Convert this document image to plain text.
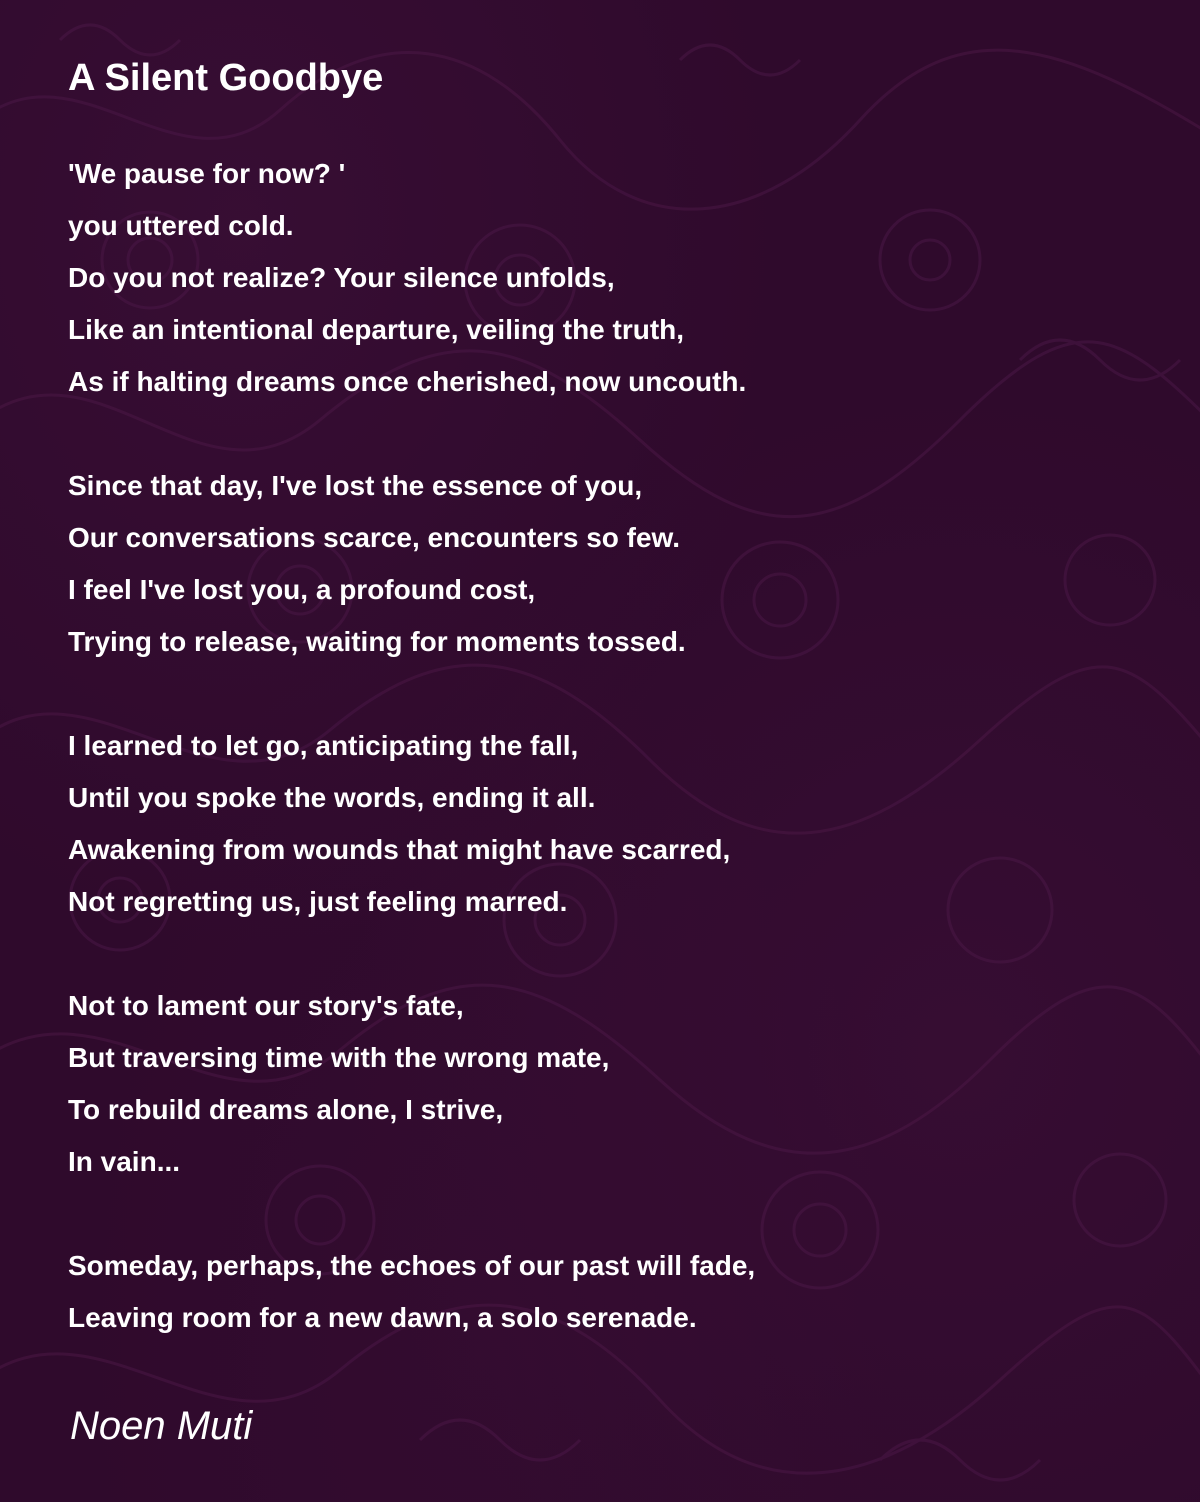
A Silent Goodbye
'We pause for now? '
you uttered cold.
Do you not realize? Your silence unfolds,
Like an intentional departure, veiling the truth,
As if halting dreams once cherished, now uncouth.
Since that day, I've lost the essence of you,
Our conversations scarce, encounters so few.
I feel I've lost you, a profound cost,
Trying to release, waiting for moments tossed.
I learned to let go, anticipating the fall,
Until you spoke the words, ending it all.
Awakening from wounds that might have scarred,
Not regretting us, just feeling marred.
Not to lament our story's fate,
But traversing time with the wrong mate,
To rebuild dreams alone, I strive,
In vain...
Someday, perhaps, the echoes of our past will fade,
Leaving room for a new dawn, a solo serenade.
Noen Muti
